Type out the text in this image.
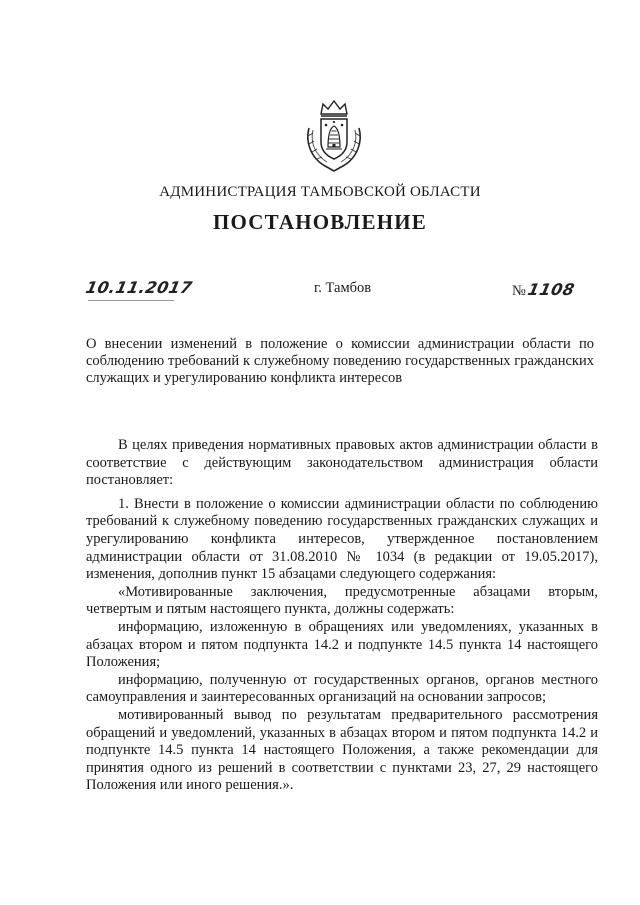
АДМИНИСТРАЦИЯ ТАМБОВСКОЙ ОБЛАСТИ
ПОСТАНОВЛЕНИЕ
10.11.2017	г. Тамбов	№1108
О внесении изменений в положение о комиссии администрации области по соблюдению требований к служебному поведению государственных гражданских служащих и урегулированию конфликта интересов

В целях приведения нормативных правовых актов администрации области в соответствие с действующим законодательством администрация области постановляет:

1. Внести в положение о комиссии администрации области по соблюдению требований к служебному поведению государственных гражданских служащих и урегулированию конфликта интересов, утвержденное постановлением администрации области от 31.08.2010 № 1034 (в редакции от 19.05.2017), изменения, дополнив пункт 15 абзацами следующего содержания:

«Мотивированные заключения, предусмотренные абзацами вторым, четвертым и пятым настоящего пункта, должны содержать:

информацию, изложенную в обращениях или уведомлениях, указанных в абзацах втором и пятом подпункта 14.2 и подпункте 14.5 пункта 14 настоящего Положения;

информацию, полученную от государственных органов, органов местного самоуправления и заинтересованных организаций на основании запросов;

мотивированный вывод по результатам предварительного рассмотрения обращений и уведомлений, указанных в абзацах втором и пятом подпункта 14.2 и подпункте 14.5 пункта 14 настоящего Положения, а также рекомендации для принятия одного из решений в соответствии с пунктами 23, 27, 29 настоящего Положения или иного решения.».
